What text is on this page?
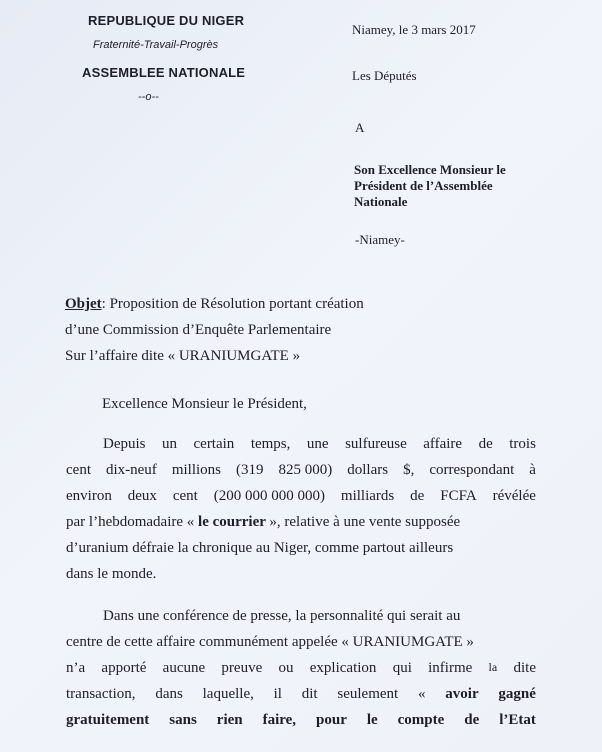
REPUBLIQUE DU NIGER
Fraternité-Travail-Progrès
ASSEMBLEE NATIONALE
--o--
Niamey, le 3 mars 2017
Les Députés
A
Son Excellence Monsieur le
Président de l’Assemblée
Nationale
-Niamey-
Objet: Proposition de Résolution portant création
d’une Commission d’Enquête Parlementaire
Sur l’affaire dite « URANIUMGATE »
Excellence Monsieur le Président,
Depuis un certain temps, une sulfureuse affaire de trois
cent dix-neuf millions (319 825 000) dollars $, correspondant à
environ deux cent (200 000 000 000) milliards de FCFA révélée
par l’hebdomadaire « le courrier », relative à une vente supposée
d’uranium défraie la chronique au Niger, comme partout ailleurs
dans le monde.
Dans une conférence de presse, la personnalité qui serait au
centre de cette affaire communément appelée « URANIUMGATE »
n’a apporté aucune preuve ou explication qui infirme la dite
transaction, dans laquelle, il dit seulement « avoir gagné
gratuitement sans rien faire, pour le compte de l’Etat
